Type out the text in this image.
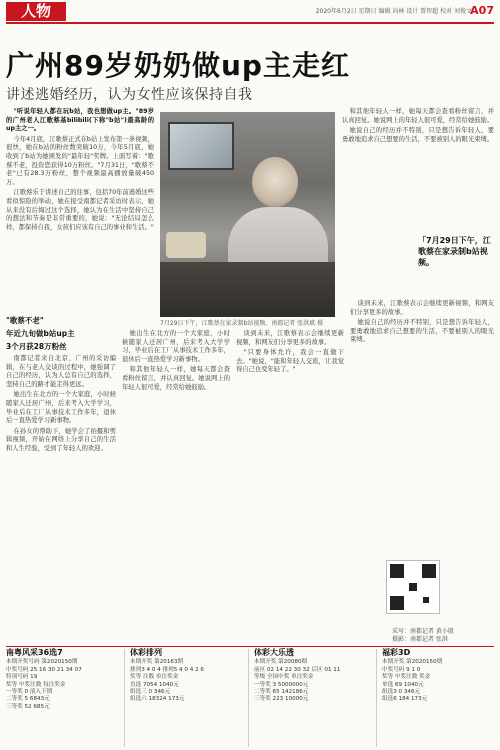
人物	2020年6月2日 星期日 编辑 向林 设计 曾智超 校对 刘俊文
A07
广州89岁奶奶做up主走红
讲述逃婚经历，认为女性应该保持自我

"听说年轻人都在玩b站，我也想做up主。"89岁的广州老人江歌蔡基bilibili(下称"b站")最高龄的up主之一。

今年4月底，江歌蔡正式在b站上发布第一条视频，很快，她在b站的粉丝数突破10万，今年5月底，她收到了b站为她颁发的"最年轻"奖牌。上面写着："歌蔡不老，投资您获得10万粉丝。"7月31日，"歌蔡不老"已有28.3万粉丝，整个视频最高播放量破450万。

江歌蔡乐于讲述自己的往事，包括70年前逃婚这些看似惊险的举动，她在接受南都记者采访时表示，她从来没有后悔过这个选择，她认为在生活中坚持自己的想法和节奏是非常重要的，她说："无论结局怎么样，都保持自我，女孩们应该有自己的事业和生活。"

和其他年轻人一样，她每天都会查看粉丝留言，并认真回复。她说网上的年轻人很可爱，经常给她鼓励。

她说自己的经历并不特别，只是想告诉年轻人，要勇敢地追求自己想要的生活，不要被别人的眼光束缚。

"歌蔡不老"
年近九旬做b站up主
3个月获28万粉丝
7月29日下午，江歌蔡在家录制b站视频。南都记者 张洪斌 摄

南都记者来自北京、广州的采访编辑，在与老人交谈的过程中，她强调了自己的经历，认为人总有自己的选择，坚持自己的路才能走得更远。

她出生在北方的一个大家庭，小时候随家人迁居广州，后来考入大学学习，毕业后在工厂从事技术工作多年，退休后一直热爱学习新事物。

在孙女的帮助下，她学会了拍摄和剪辑视频，开始在网络上分享自己的生活和人生经验，受到了年轻人的欢迎。

她出生在北方的一个大家庭，小时候随家人迁居广州，后来考入大学学习，毕业后在工厂从事技术工作多年，退休后一直热爱学习新事物。

和其他年轻人一样，她每天都会查看粉丝留言，并认真回复。她说网上的年轻人很可爱，经常给她鼓励。

谈到未来，江歌蔡表示会继续更新视频，和网友们分享更多的故事。

"只要身体允许，我会一直做下去。"她说，"能和年轻人交流，让我觉得自己也变年轻了。"

「7月29日下午，江歌蔡在家录制b站视频。

谈到未来，江歌蔡表示会继续更新视频，和网友们分享更多的故事。

她说自己的经历并不特别，只是想告诉年轻人，要勇敢地追求自己想要的生活，不要被别人的眼光束缚。

采写：南都记者 黄小殷
摄影：南都记者 张洪
南粤风采36选7
本期开奖号码 第2020150期
中奖号码 25 16 30 21 34 07
特别号码 19
奖等 中奖注数 每注奖金
一等奖 0 滚入下期
二等奖 5 6843元
三等奖 52 685元
体彩排列
本期开奖 第20163期
排列3 4 0 4 排列5 4 0 4 2 6
奖等 注数 单注奖金
直选 7054 1040元
组选三 0 346元
组选六 18324 173元
体彩大乐透
本期开奖 第20080期
前区 02 14 22 30 32 后区 01 11
等级 全国中奖 单注奖金
一等奖 3 5000000元
二等奖 65 142186元
三等奖 223 10000元
福彩3D
本期开奖 第2020150期
中奖号码 9 1 0
奖等 中奖注数 奖金
单选 69 1040元
组选3 0 346元
组选6 184 173元
